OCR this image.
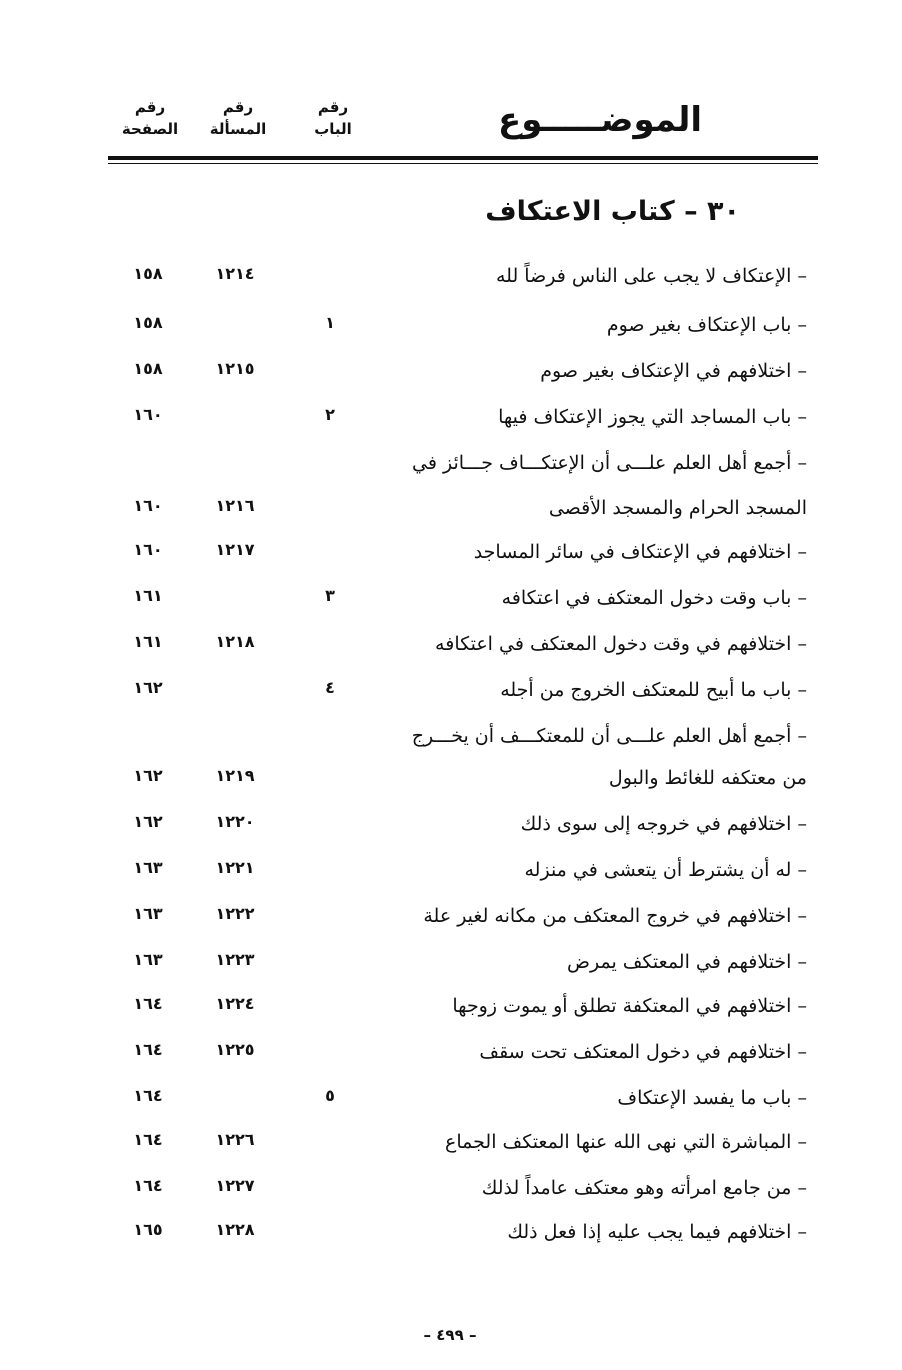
الموضـــــوع
رقم
الباب
رقم
المسألة
رقم
الصفحة
٣٠ – كتاب الاعتكاف
– الإعتكاف لا يجب على الناس فرضاً لله
١٢١٤
١٥٨
– باب الإعتكاف بغير صوم
١
١٥٨
– اختلافهم في الإعتكاف بغير صوم
١٢١٥
١٥٨
– باب المساجد التي يجوز الإعتكاف فيها
٢
١٦٠
– أجمع أهل العلم علـــى أن الإعتكـــاف جـــائز في
المسجد الحرام والمسجد الأقصى
١٢١٦
١٦٠
– اختلافهم في الإعتكاف في سائر المساجد
١٢١٧
١٦٠
– باب وقت دخول المعتكف في اعتكافه
٣
١٦١
– اختلافهم في وقت دخول المعتكف في اعتكافه
١٢١٨
١٦١
– باب ما أبيح للمعتكف الخروج من أجله
٤
١٦٢
– أجمع أهل العلم علـــى أن للمعتكـــف أن يخـــرج
من معتكفه للغائط والبول
١٢١٩
١٦٢
– اختلافهم في خروجه إلى سوى ذلك
١٢٢٠
١٦٢
– له أن يشترط أن يتعشى في منزله
١٢٢١
١٦٣
– اختلافهم في خروج المعتكف من مكانه لغير علة
١٢٢٢
١٦٣
– اختلافهم في المعتكف يمرض
١٢٢٣
١٦٣
– اختلافهم في المعتكفة تطلق أو يموت زوجها
١٢٢٤
١٦٤
– اختلافهم في دخول المعتكف تحت سقف
١٢٢٥
١٦٤
– باب ما يفسد الإعتكاف
٥
١٦٤
– المباشرة التي نهى الله عنها المعتكف الجماع
١٢٢٦
١٦٤
– من جامع امرأته وهو معتكف عامداً لذلك
١٢٢٧
١٦٤
– اختلافهم فيما يجب عليه إذا فعل ذلك
١٢٢٨
١٦٥
– ٤٩٩ –
